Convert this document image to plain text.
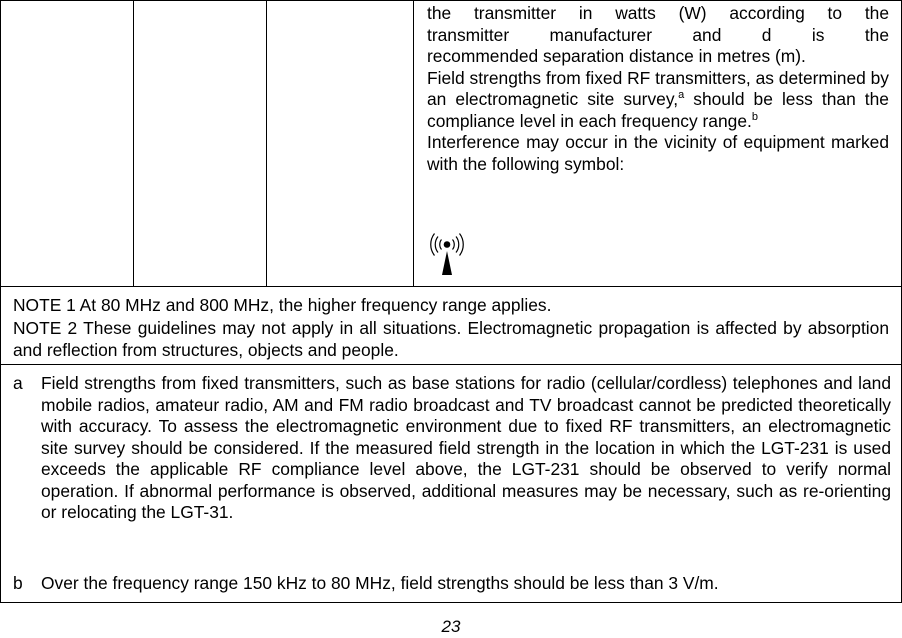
the transmitter in watts (W) according to the

transmitter manufacturer and d is the

recommended separation distance in metres (m).

Field strengths from fixed RF transmitters, as determined by an electromagnetic site survey,$^a$ should be less than the compliance level in each frequency range.$^b$

Interference may occur in the vicinity of equipment marked with the following symbol:

NOTE 1 At 80 MHz and 800 MHz, the higher frequency range applies.

NOTE 2 These guidelines may not apply in all situations. Electromagnetic propagation is affected by absorption and reflection from structures, objects and people.

a Field strengths from fixed transmitters, such as base stations for radio (cellular/cordless) telephones and land mobile radios, amateur radio, AM and FM radio broadcast and TV broadcast cannot be predicted theoretically with accuracy. To assess the electromagnetic environment due to fixed RF transmitters, an electromagnetic site survey should be considered. If the measured field strength in the location in which the LGT-231 is used exceeds the applicable RF compliance level above, the LGT-231 should be observed to verify normal operation. If abnormal performance is observed, additional measures may be necessary, such as re-orienting or relocating the LGT-31.
b Over the frequency range 150 kHz to 80 MHz, field strengths should be less than 3 V/m.
23
